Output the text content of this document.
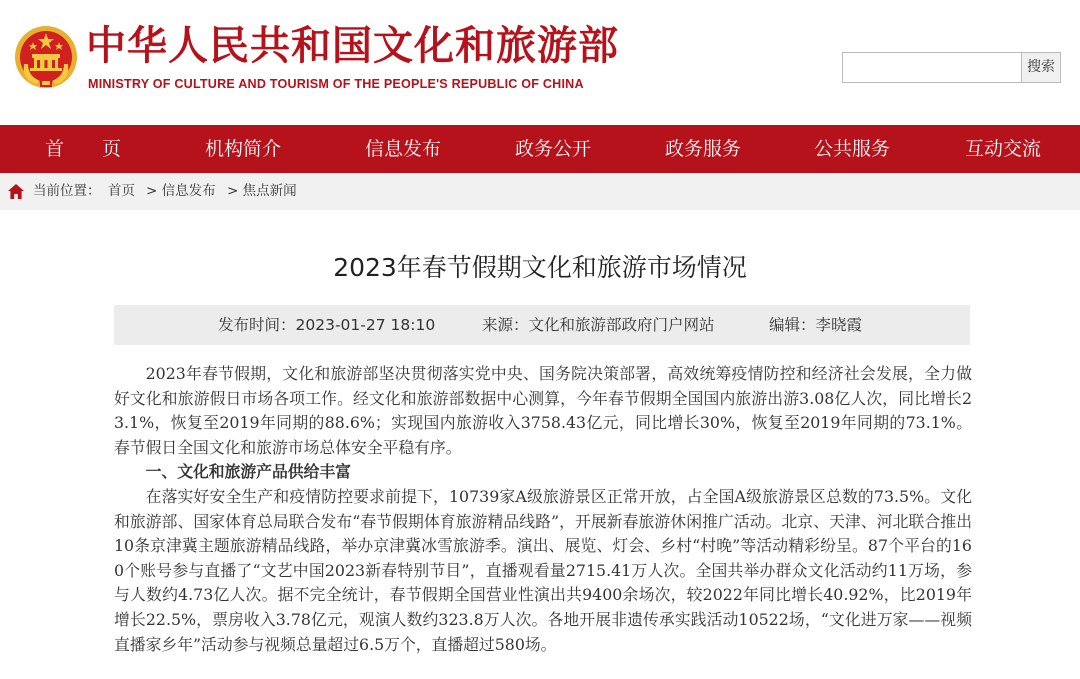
中华人民共和国文化和旅游部
MINISTRY OF CULTURE AND TOURISM OF THE PEOPLE'S REPUBLIC OF CHINA
搜索
首　　页	机构简介	信息发布	政务公开	政务服务	公共服务	互动交流
当前位置： 首页 > 信息发布 > 焦点新闻
2023年春节假期文化和旅游市场情况
发布时间：2023-01-27 18:10	来源：文化和旅游部政府门户网站	编辑：李晓霞

2023年春节假期，文化和旅游部坚决贯彻落实党中央、国务院决策部署，高效统筹疫情防控和经济社会发展，全力做好文化和旅游假日市场各项工作。经文化和旅游部数据中心测算，今年春节假期全国国内旅游出游3.08亿人次，同比增长23.1%，恢复至2019年同期的88.6%；实现国内旅游收入3758.43亿元，同比增长30%，恢复至2019年同期的73.1%。春节假日全国文化和旅游市场总体安全平稳有序。

一、文化和旅游产品供给丰富

在落实好安全生产和疫情防控要求前提下，10739家A级旅游景区正常开放，占全国A级旅游景区总数的73.5%。文化和旅游部、国家体育总局联合发布“春节假期体育旅游精品线路”，开展新春旅游休闲推广活动。北京、天津、河北联合推出10条京津冀主题旅游精品线路，举办京津冀冰雪旅游季。演出、展览、灯会、乡村“村晚”等活动精彩纷呈。87个平台的160个账号参与直播了“文艺中国2023新春特别节目”，直播观看量2715.41万人次。全国共举办群众文化活动约11万场，参与人数约4.73亿人次。据不完全统计，春节假期全国营业性演出共9400余场次，较2022年同比增长40.92%，比2019年增长22.5%，票房收入3.78亿元，观演人数约323.8万人次。各地开展非遗传承实践活动10522场，“文化进万家——视频直播家乡年”活动参与视频总量超过6.5万个，直播超过580场。
